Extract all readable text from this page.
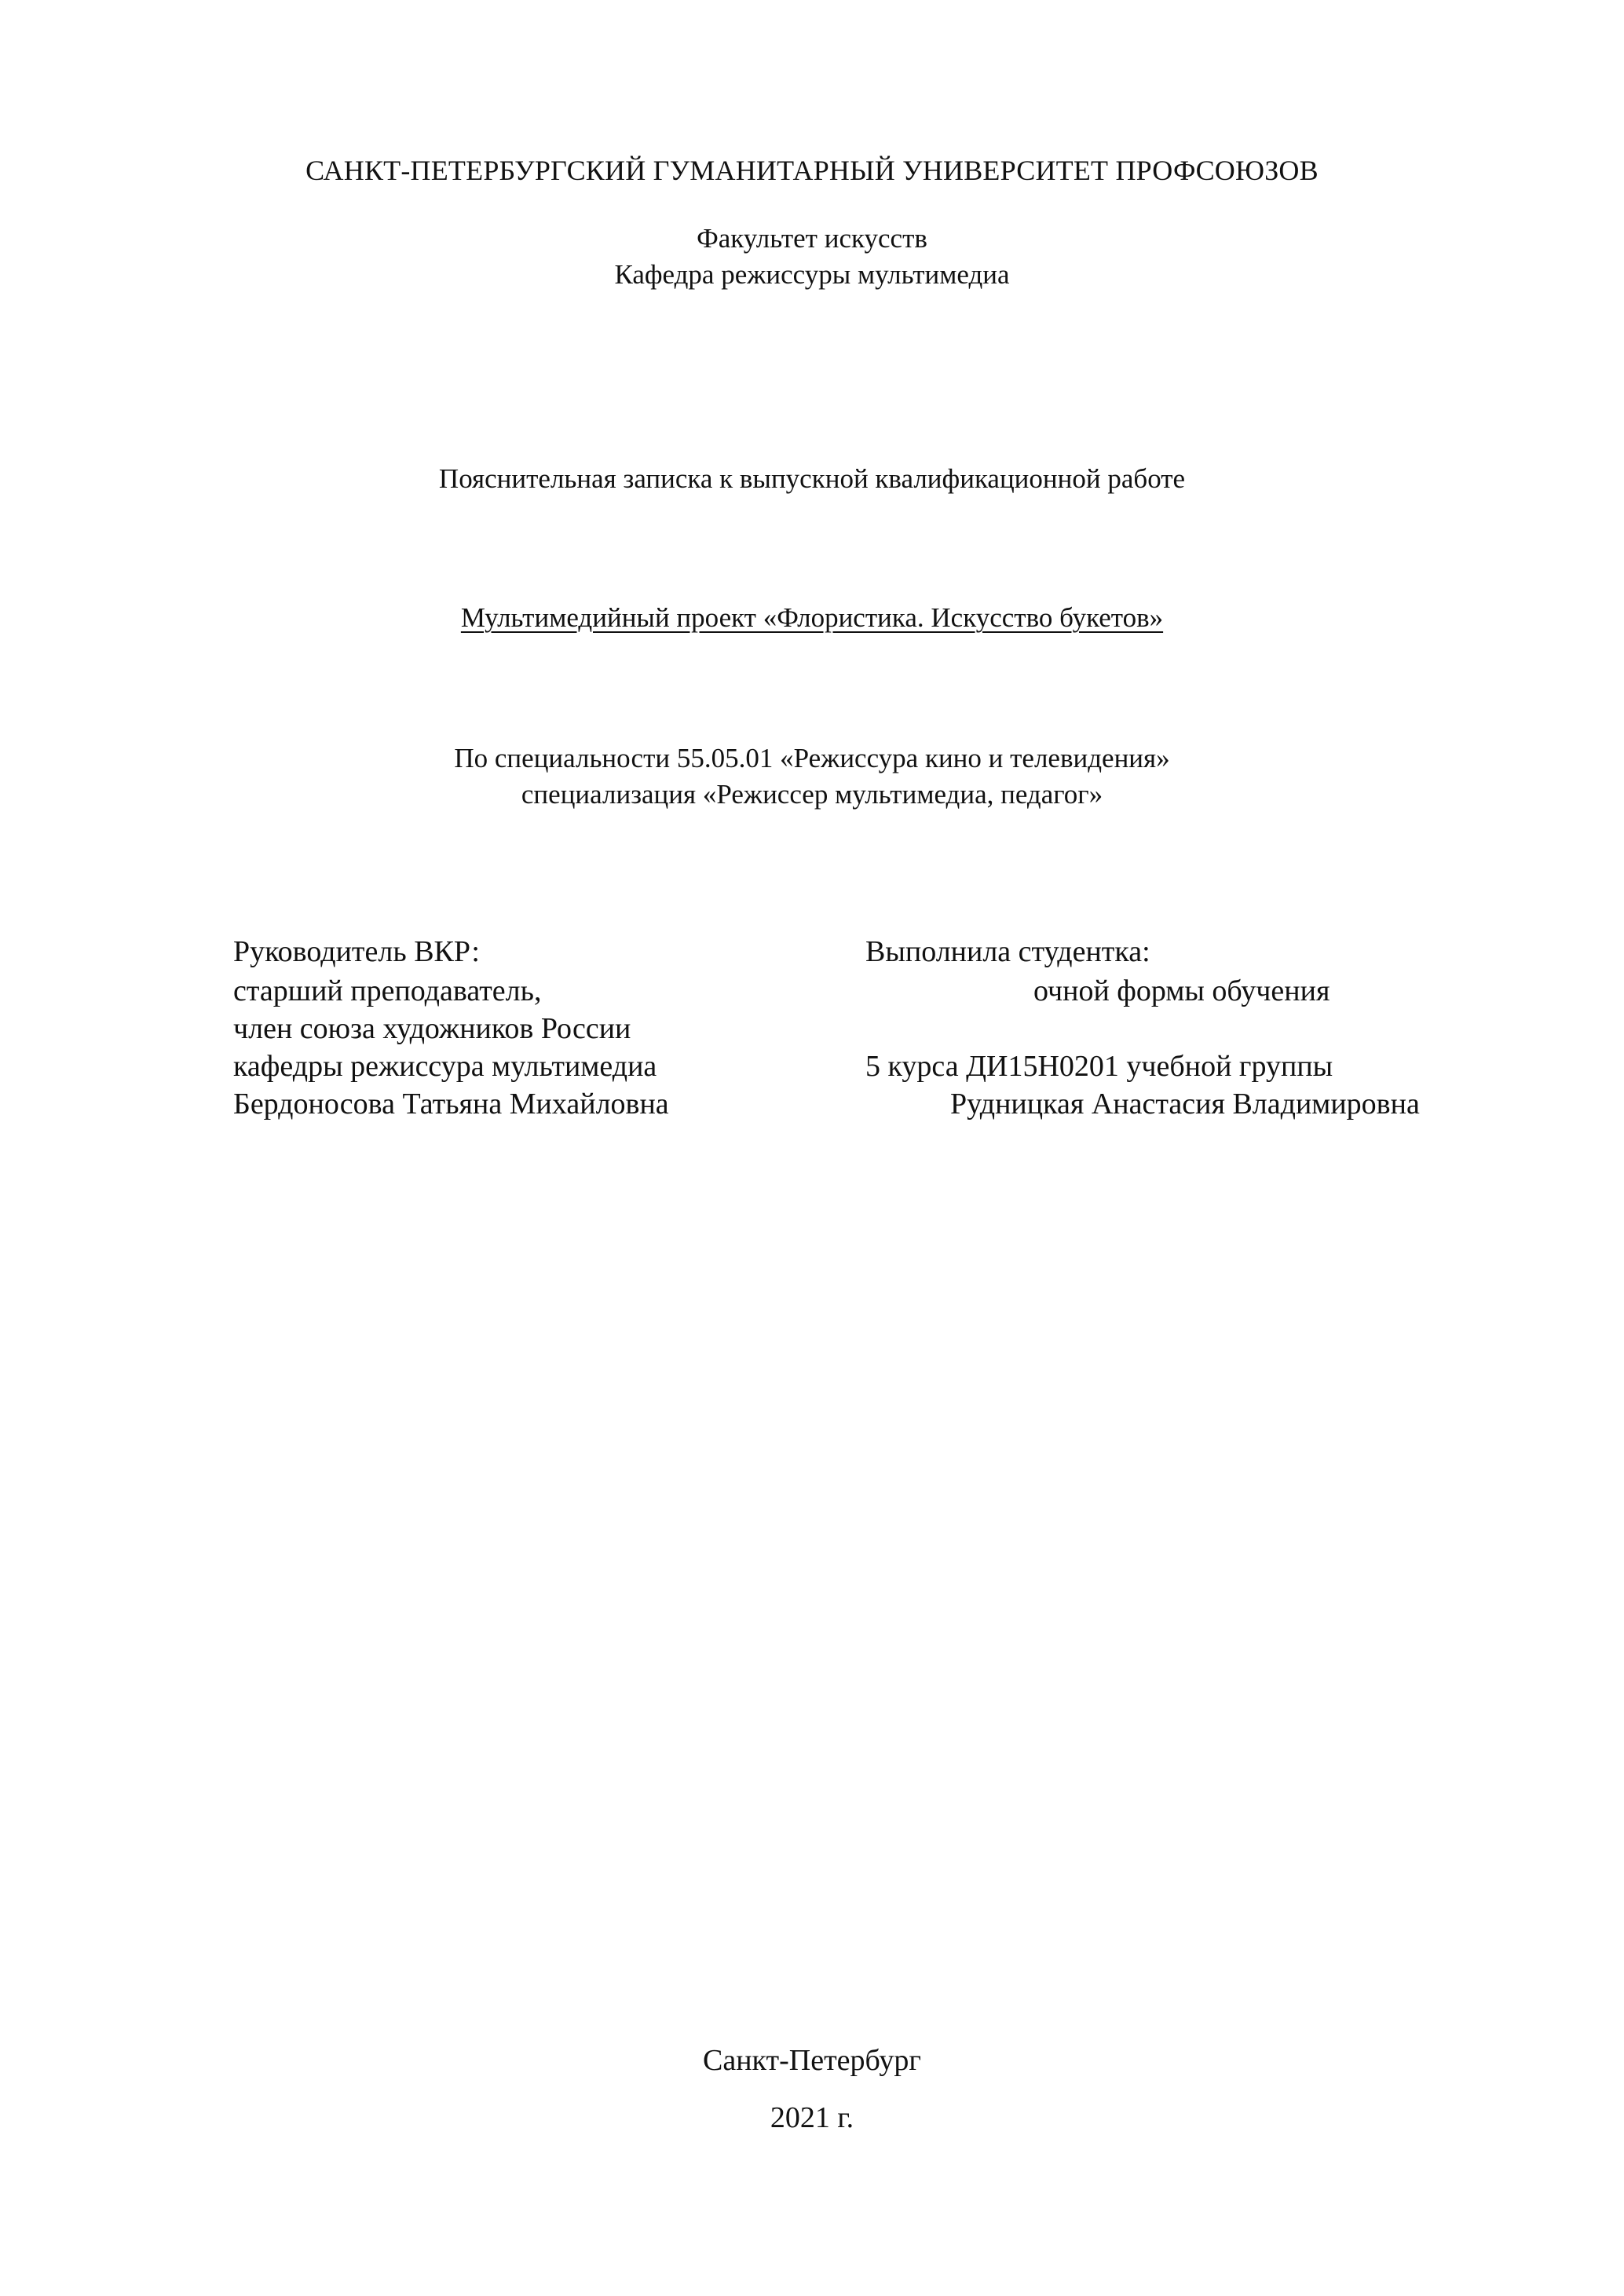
САНКТ-ПЕТЕРБУРГСКИЙ ГУМАНИТАРНЫЙ УНИВЕРСИТЕТ ПРОФСОЮЗОВ
Факультет искусств
Кафедра режиссуры мультимедиа
Пояснительная записка к выпускной квалификационной работе
Мультимедийный проект «Флористика. Искусство букетов»
По специальности 55.05.01 «Режиссура кино и телевидения»
специализация «Режиссер мультимедиа, педагог»
Руководитель ВКР:
старший преподаватель,
член союза художников России
кафедры режиссура мультимедиа
Бердоносова Татьяна Михайловна
Выполнила студентка:
очной формы обучения
5 курса ДИ15Н0201 учебной группы
Рудницкая Анастасия Владимировна
Санкт-Петербург
2021 г.
